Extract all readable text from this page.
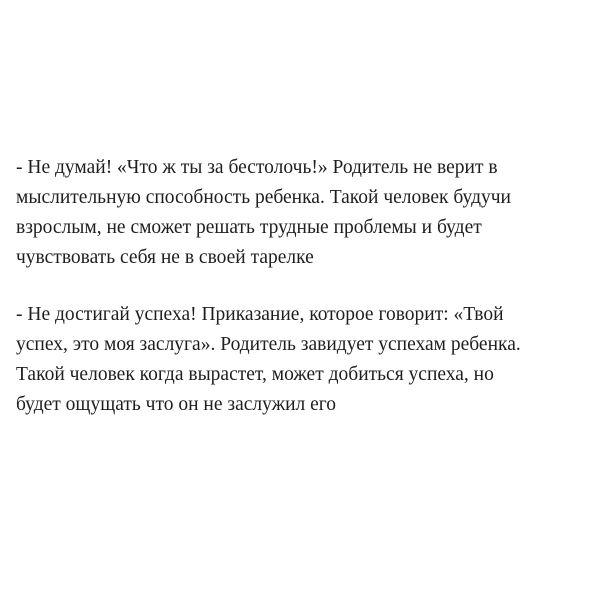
- Не думай! «Что ж ты за бестолочь!» Родитель не верит в
мыслительную способность ребенка. Такой человек будучи
взрослым, не сможет решать трудные проблемы и будет
чувствовать себя не в своей тарелке

- Не достигай успеха! Приказание, которое говорит: «Твой
успех, это моя заслуга». Родитель завидует успехам ребенка.
Такой человек когда вырастет, может добиться успеха, но
будет ощущать что он не заслужил его
